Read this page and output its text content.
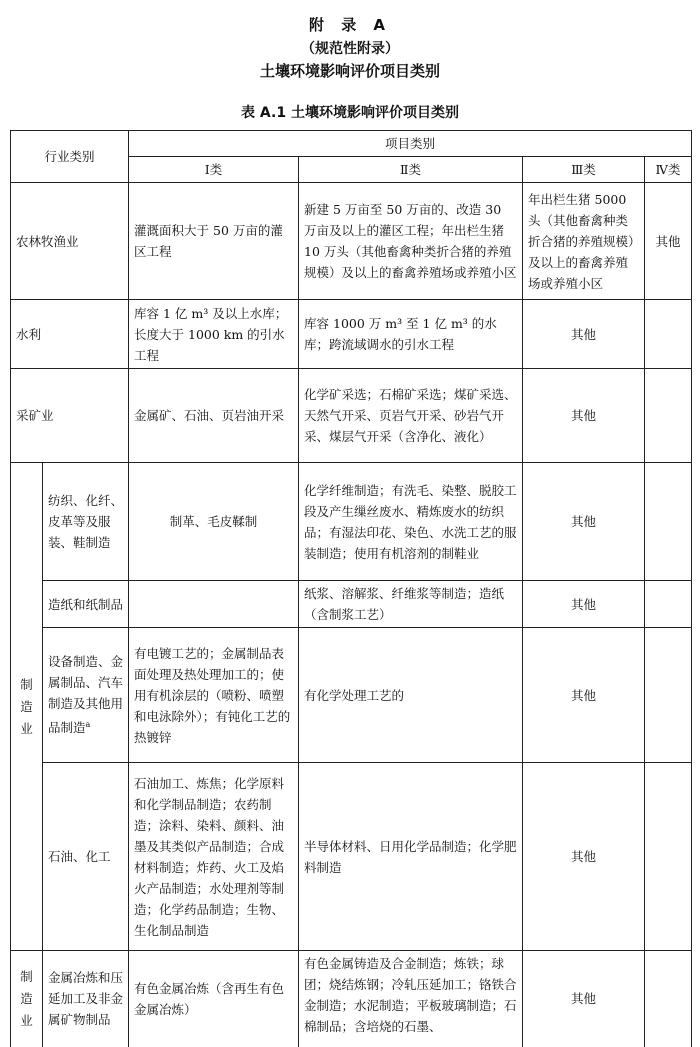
附 录 A
（规范性附录）
土壤环境影响评价项目类别
表 A.1 土壤环境影响评价项目类别
行业类别		项目类别			
		Ⅰ类	Ⅱ类	Ⅲ类	Ⅳ类
农林牧渔业		灌溉面积大于 50 万亩的灌区工程	新建 5 万亩至 50 万亩的、改造 30 万亩及以上的灌区工程；年出栏生猪 10 万头（其他畜禽种类折合猪的养殖规模）及以上的畜禽养殖场或养殖小区	年出栏生猪 5000 头（其他畜禽种类折合猪的养殖规模）及以上的畜禽养殖场或养殖小区	其他
水利		库容 1 亿 m³ 及以上水库；长度大于 1000 km 的引水工程	库容 1000 万 m³ 至 1 亿 m³ 的水库；跨流域调水的引水工程	其他	
采矿业		金属矿、石油、页岩油开采	化学矿采选；石棉矿采选；煤矿采选、天然气开采、页岩气开采、砂岩气开采、煤层气开采（含净化、液化）	其他	

制造业	纺织、化纤、皮革等及服装、鞋制造	制革、毛皮鞣制	化学纤维制造；有洗毛、染整、脱胶工段及产生缫丝废水、精炼废水的纺织品；有湿法印花、染色、水洗工艺的服装制造；使用有机溶剂的制鞋业	其他	
	造纸和纸制品		纸浆、溶解浆、纤维浆等制造；造纸（含制浆工艺）	其他	
	设备制造、金属制品、汽车制造及其他用品制造$^a$	有电镀工艺的；金属制品表面处理及热处理加工的；使用有机涂层的（喷粉、喷塑和电泳除外）；有钝化工艺的热镀锌	有化学处理工艺的	其他	
	石油、化工	石油加工、炼焦；化学原料和化学制品制造；农药制造；涂料、染料、颜料、油墨及其类似产品制造；合成材料制造；炸药、火工及焰火产品制造；水处理剂等制造；化学药品制造；生物、生化制品制造	半导体材料、日用化学品制造；化学肥料制造	其他	

制造业	金属冶炼和压延加工及非金属矿物制品	有色金属冶炼（含再生有色金属冶炼）	有色金属铸造及合金制造；炼铁；球团；烧结炼钢；冷轧压延加工；铬铁合金制造；水泥制造；平板玻璃制造；石棉制品；含培烧的石墨、	其他	
